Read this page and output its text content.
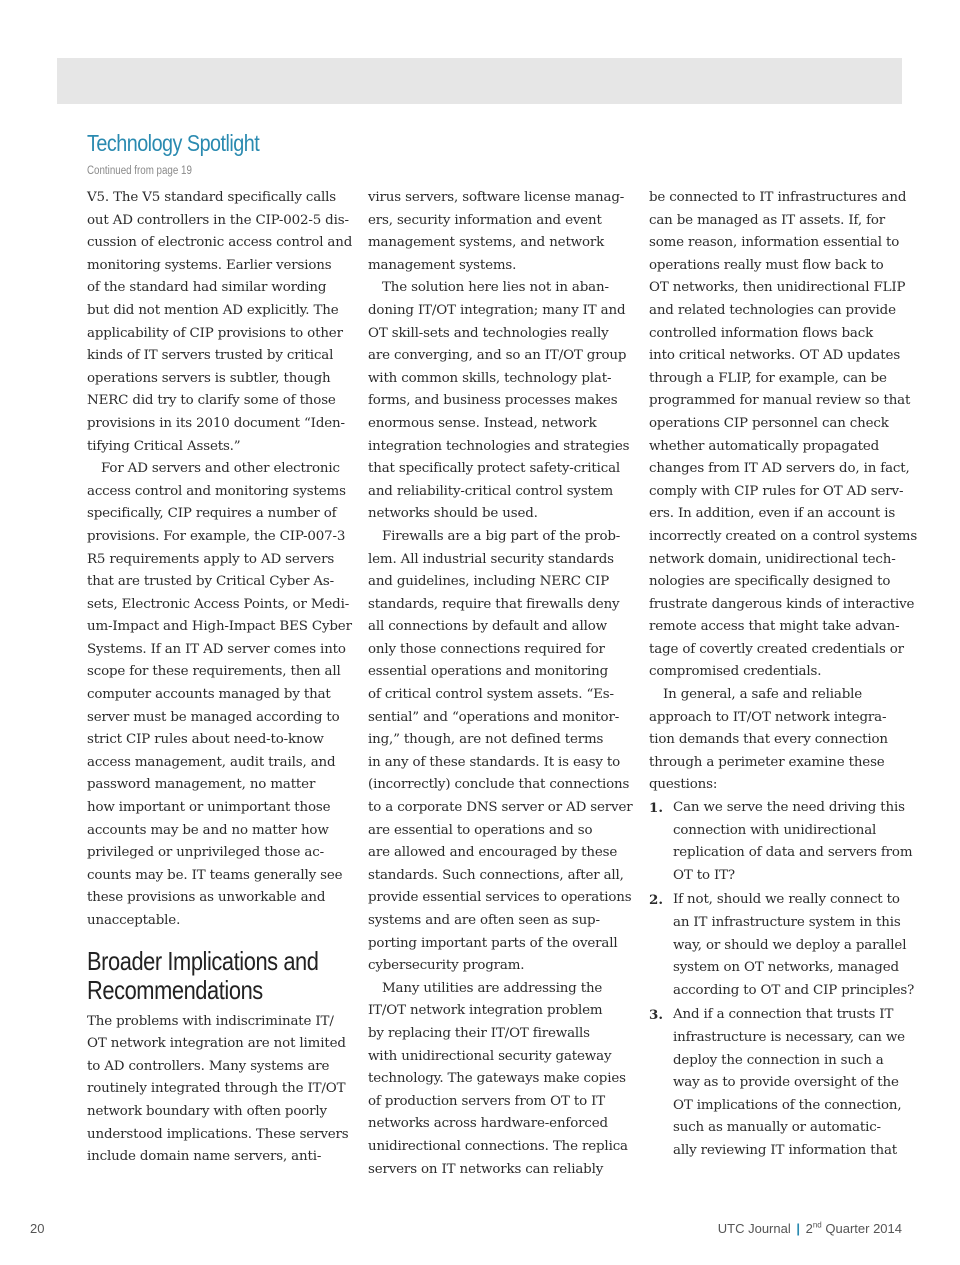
Technology Spotlight
Continued from page 19

V5. The V5 standard specifically calls
out AD controllers in the CIP-002-5 dis-
cussion of electronic access control and
monitoring systems. Earlier versions
of the standard had similar wording
but did not mention AD explicitly. The
applicability of CIP provisions to other
kinds of IT servers trusted by critical
operations servers is subtler, though
NERC did try to clarify some of those
provisions in its 2010 document “Iden-
tifying Critical Assets.”

For AD servers and other electronic
access control and monitoring systems
specifically, CIP requires a number of
provisions. For example, the CIP-007-3
R5 requirements apply to AD servers
that are trusted by Critical Cyber As-
sets, Electronic Access Points, or Medi-
um-Impact and High-Impact BES Cyber
Systems. If an IT AD server comes into
scope for these requirements, then all
computer accounts managed by that
server must be managed according to
strict CIP rules about need-to-know
access management, audit trails, and
password management, no matter
how important or unimportant those
accounts may be and no matter how
privileged or unprivileged those ac-
counts may be. IT teams generally see
these provisions as unworkable and
unacceptable.

Broader Implications and
Recommendations

The problems with indiscriminate IT/
OT network integration are not limited
to AD controllers. Many systems are
routinely integrated through the IT/OT
network boundary with often poorly
understood implications. These servers
include domain name servers, anti-

virus servers, software license manag-
ers, security information and event
management systems, and network
management systems.

The solution here lies not in aban-
doning IT/OT integration; many IT and
OT skill-sets and technologies really
are converging, and so an IT/OT group
with common skills, technology plat-
forms, and business processes makes
enormous sense. Instead, network
integration technologies and strategies
that specifically protect safety-critical
and reliability-critical control system
networks should be used.

Firewalls are a big part of the prob-
lem. All industrial security standards
and guidelines, including NERC CIP
standards, require that firewalls deny
all connections by default and allow
only those connections required for
essential operations and monitoring
of critical control system assets. “Es-
sential” and “operations and monitor-
ing,” though, are not defined terms
in any of these standards. It is easy to
(incorrectly) conclude that connections
to a corporate DNS server or AD server
are essential to operations and so
are allowed and encouraged by these
standards. Such connections, after all,
provide essential services to operations
systems and are often seen as sup-
porting important parts of the overall
cybersecurity program.

Many utilities are addressing the
IT/OT network integration problem
by replacing their IT/OT firewalls
with unidirectional security gateway
technology. The gateways make copies
of production servers from OT to IT
networks across hardware-enforced
unidirectional connections. The replica
servers on IT networks can reliably

be connected to IT infrastructures and
can be managed as IT assets. If, for
some reason, information essential to
operations really must flow back to
OT networks, then unidirectional FLIP
and related technologies can provide
controlled information flows back
into critical networks. OT AD updates
through a FLIP, for example, can be
programmed for manual review so that
operations CIP personnel can check
whether automatically propagated
changes from IT AD servers do, in fact,
comply with CIP rules for OT AD serv-
ers. In addition, even if an account is
incorrectly created on a control systems
network domain, unidirectional tech-
nologies are specifically designed to
frustrate dangerous kinds of interactive
remote access that might take advan-
tage of covertly created credentials or
compromised credentials.

In general, a safe and reliable
approach to IT/OT network integra-
tion demands that every connection
through a perimeter examine these
questions:

1. Can we serve the need driving this
connection with unidirectional
replication of data and servers from
OT to IT?
2. If not, should we really connect to
an IT infrastructure system in this
way, or should we deploy a parallel
system on OT networks, managed
according to OT and CIP principles?
3. And if a connection that trusts IT
infrastructure is necessary, can we
deploy the connection in such a
way as to provide oversight of the
OT implications of the connection,
such as manually or automatic-
ally reviewing IT information that
20	UTC Journal | 2nd Quarter 2014
